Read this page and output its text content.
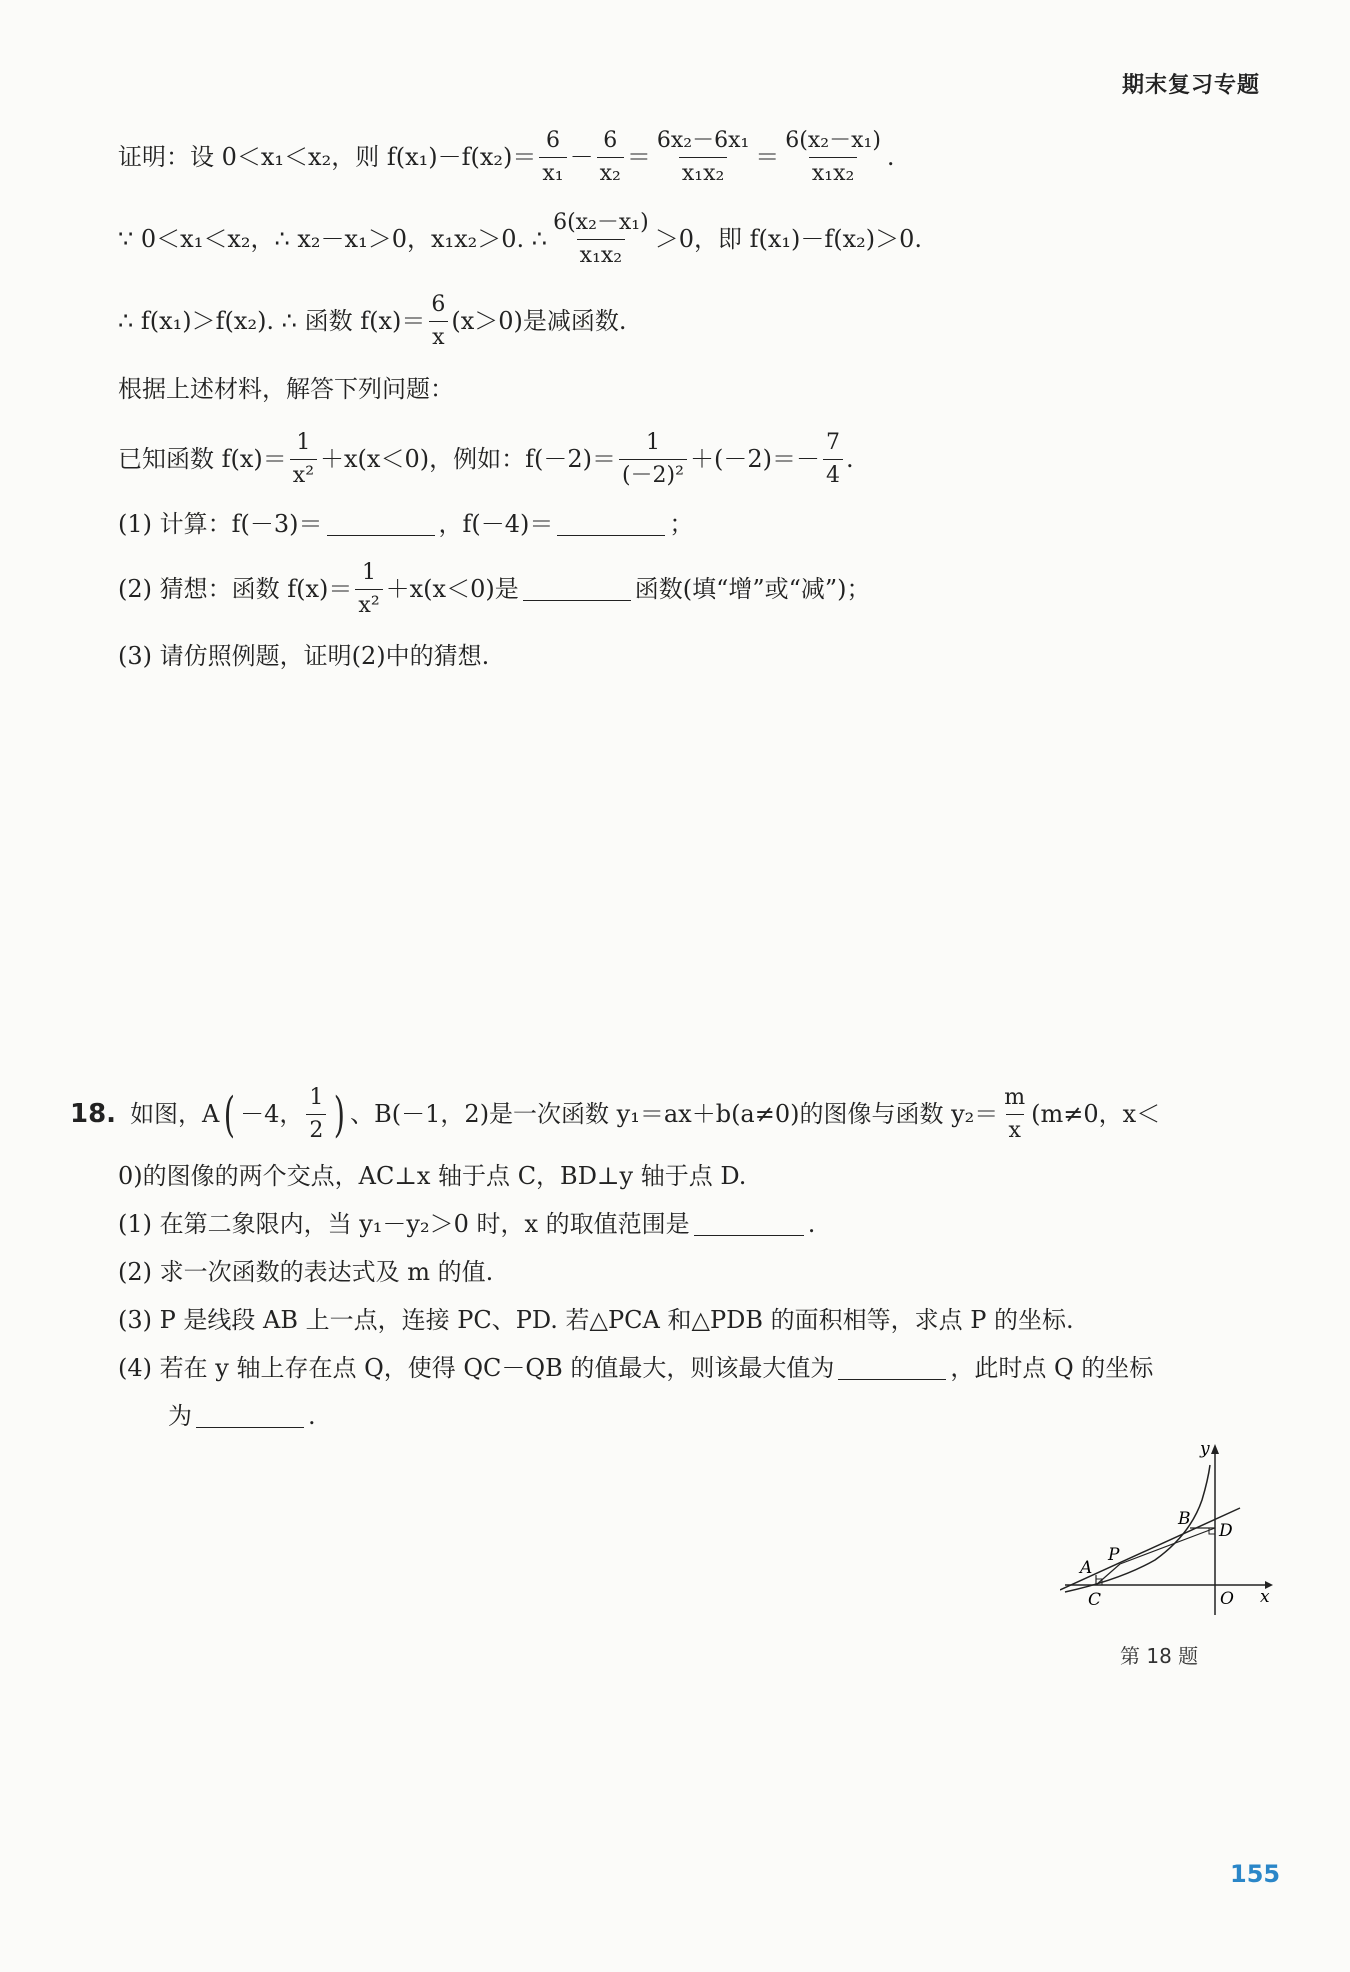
期末复习专题
证明：设 0＜x₁＜x₂，则 $f(x_1)-f(x_2)= \frac{6}{\text{x₁}} - \frac{6}{\text{x₂}} = \frac{\text{6x₂－6x₁}}{\text{x₁x₂}} = \frac{\text{6(x₂－x₁)}}{\text{x₁x₂}}$ .
∵ 0＜x₁＜x₂，∴ x₂－x₁＞0，x₁x₂＞0. ∴ $\frac{\text{6(x₂－x₁)}}{\text{x₁x₂}} >0$，即 f(x₁)－f(x₂)＞0.
∴ f(x₁)＞f(x₂). ∴ 函数 $f(x)= \frac{6}{x} (x>0)$是减函数.
根据上述材料，解答下列问题：
已知函数 $f(x)= \frac{1}{\text{x²}} +x(x<0)$，例如：$f(-2)= \frac{1}{\text{(－2)²}} +(-2)=- \frac{7}{4}$ .
(1) 计算：f(－3)＝	，f(－4)＝	；
(2) 猜想：函数 $f(x)= \frac{1}{\text{x²}} +x(x<0)$是	函数(填“增”或“减”)；
(3) 请仿照例题，证明(2)中的猜想.
18. 如图，A ( －4， $\frac{1}{2}$ ) 、B(－1，2)是一次函数 y₁＝ax＋b(a≠0)的图像与函数 $y_2= \frac{m}{x} (m\ne 0$，x＜
0)的图像的两个交点，AC⊥x 轴于点 C，BD⊥y 轴于点 D.
(1) 在第二象限内，当 y₁－y₂＞0 时，x 的取值范围是	.
(2) 求一次函数的表达式及 m 的值.
(3) P 是线段 AB 上一点，连接 PC、PD. 若△PCA 和△PDB 的面积相等，求点 P 的坐标.
(4) 若在 y 轴上存在点 Q，使得 QC－QB 的值最大，则该最大值为	，此时点 Q 的坐标
为	.
y
x
O
A
B
C
D
P
第 18 题
155
